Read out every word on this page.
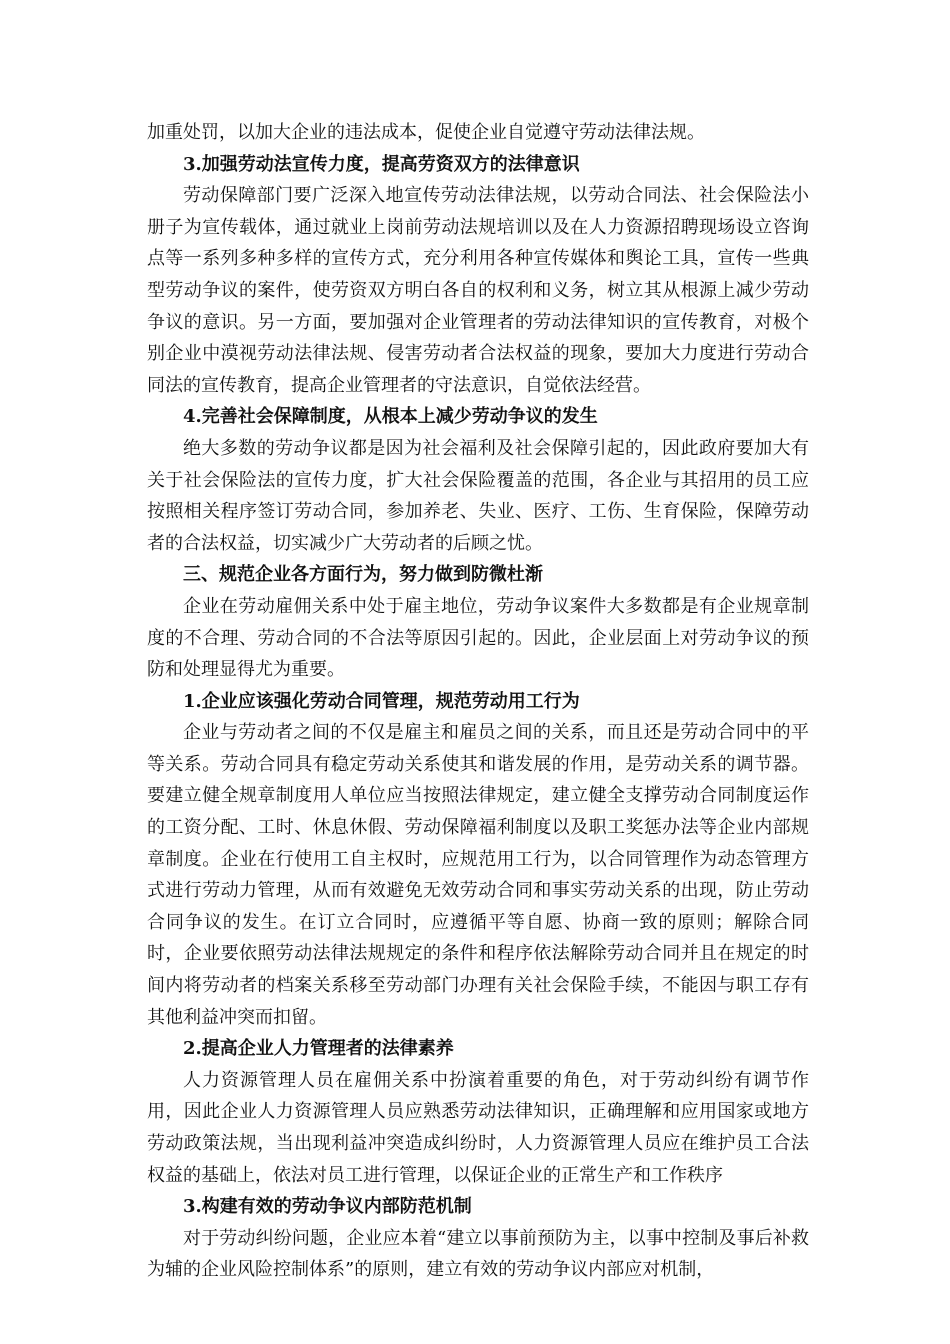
加重处罚，以加大企业的违法成本，促使企业自觉遵守劳动法律法规。

3.加强劳动法宣传力度，提高劳资双方的法律意识

劳动保障部门要广泛深入地宣传劳动法律法规，以劳动合同法、社会保险法小册子为宣传载体，通过就业上岗前劳动法规培训以及在人力资源招聘现场设立咨询点等一系列多种多样的宣传方式，充分利用各种宣传媒体和舆论工具，宣传一些典型劳动争议的案件，使劳资双方明白各自的权利和义务，树立其从根源上减少劳动争议的意识。另一方面，要加强对企业管理者的劳动法律知识的宣传教育，对极个别企业中漠视劳动法律法规、侵害劳动者合法权益的现象，要加大力度进行劳动合同法的宣传教育，提高企业管理者的守法意识，自觉依法经营。

4.完善社会保障制度，从根本上减少劳动争议的发生

绝大多数的劳动争议都是因为社会福利及社会保障引起的，因此政府要加大有关于社会保险法的宣传力度，扩大社会保险覆盖的范围，各企业与其招用的员工应按照相关程序签订劳动合同，参加养老、失业、医疗、工伤、生育保险，保障劳动者的合法权益，切实减少广大劳动者的后顾之忧。

三、规范企业各方面行为，努力做到防微杜渐

企业在劳动雇佣关系中处于雇主地位，劳动争议案件大多数都是有企业规章制度的不合理、劳动合同的不合法等原因引起的。因此，企业层面上对劳动争议的预防和处理显得尤为重要。

1.企业应该强化劳动合同管理，规范劳动用工行为

企业与劳动者之间的不仅是雇主和雇员之间的关系，而且还是劳动合同中的平等关系。劳动合同具有稳定劳动关系使其和谐发展的作用，是劳动关系的调节器。要建立健全规章制度用人单位应当按照法律规定，建立健全支撑劳动合同制度运作的工资分配、工时、休息休假、劳动保障福利制度以及职工奖惩办法等企业内部规章制度。企业在行使用工自主权时，应规范用工行为，以合同管理作为动态管理方式进行劳动力管理，从而有效避免无效劳动合同和事实劳动关系的出现，防止劳动合同争议的发生。在订立合同时，应遵循平等自愿、协商一致的原则；解除合同时，企业要依照劳动法律法规规定的条件和程序依法解除劳动合同并且在规定的时间内将劳动者的档案关系移至劳动部门办理有关社会保险手续，不能因与职工存有其他利益冲突而扣留。

2.提高企业人力管理者的法律素养

人力资源管理人员在雇佣关系中扮演着重要的角色，对于劳动纠纷有调节作用，因此企业人力资源管理人员应熟悉劳动法律知识，正确理解和应用国家或地方劳动政策法规，当出现利益冲突造成纠纷时，人力资源管理人员应在维护员工合法权益的基础上，依法对员工进行管理，以保证企业的正常生产和工作秩序

3.构建有效的劳动争议内部防范机制

对于劳动纠纷问题，企业应本着“建立以事前预防为主，以事中控制及事后补救为辅的企业风险控制体系”的原则，建立有效的劳动争议内部应对机制，
